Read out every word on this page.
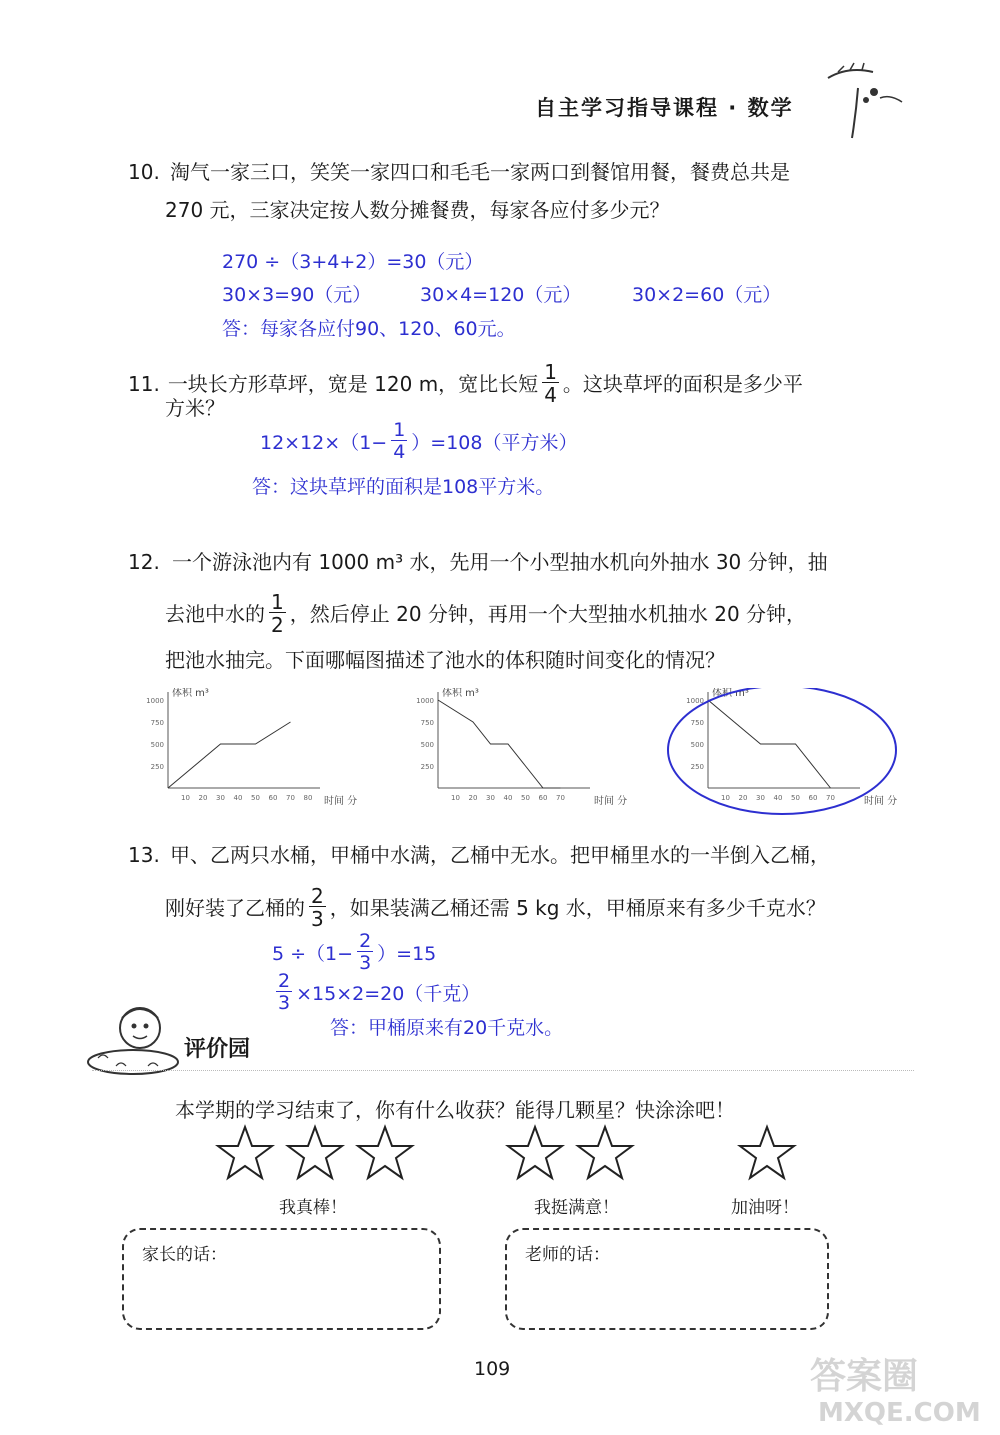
自主学习指导课程 · 数学
10. 淘气一家三口，笑笑一家四口和毛毛一家两口到餐馆用餐，餐费总共是
270 元，三家决定按人数分摊餐费，每家各应付多少元？
270 ÷（3+4+2）=30（元）
30×3=90（元）	30×4=120（元）	30×2=60（元）
答：每家各应付90、120、60元。
11. 一块长方形草坪，宽是 120 m，宽比长短 $\frac{1}{4}$ 。这块草坪的面积是多少平
方米？
$12\times 12\times(1- \frac{1}{4} )=108$（平方米）
答：这块草坪的面积是108平方米。
12. 一个游泳池内有 1000 m³ 水，先用一个小型抽水机向外抽水 30 分钟，抽
去池中水的 $\frac{1}{2}$ ，然后停止 20 分钟，再用一个大型抽水机抽水 20 分钟，
把池水抽完。下面哪幅图描述了池水的体积随时间变化的情况？
体积 m³
1000
750
500
250
10 20 30 40 50 60 70 80 时间 分
体积 m³
1000
750
500
250
10 20 30 40 50 60 70	时间 分
体积 m³
1000
750
500
250
10 20 30 40 50 60 70	时间 分
13. 甲、乙两只水桶，甲桶中水满，乙桶中无水。把甲桶里水的一半倒入乙桶，
刚好装了乙桶的 $\frac{2}{3}$ ，如果装满乙桶还需 5 kg 水，甲桶原来有多少千克水？
$5 \div(1- \frac{2}{3} )=15$
$\frac{2}{3} \times 15\times 2=20$（千克）
答：甲桶原来有20千克水。
评价园
本学期的学习结束了，你有什么收获？能得几颗星？快涂涂吧！
我真棒！	我挺满意！	加油呀！
家长的话：	老师的话：
109	答案圈
MXQE.COM
